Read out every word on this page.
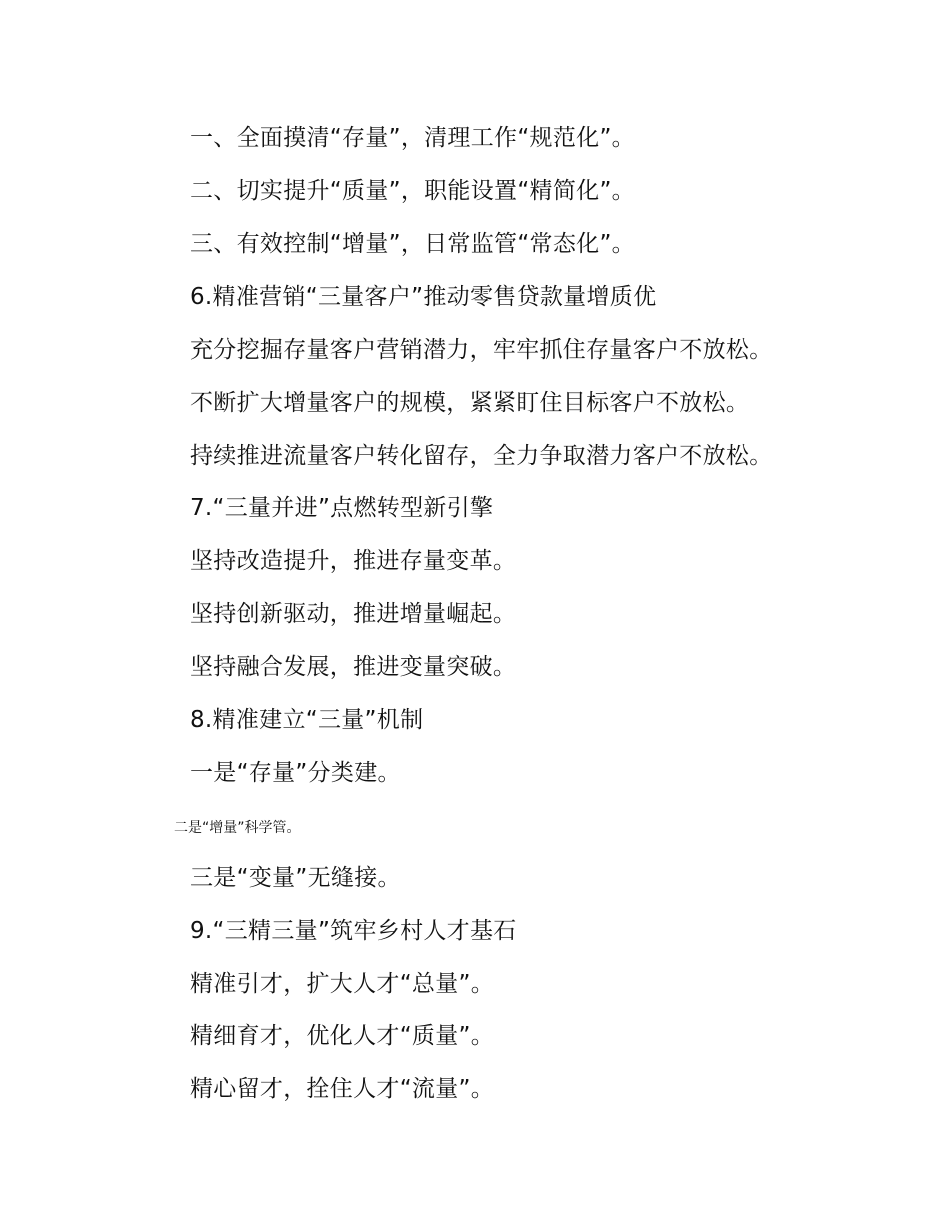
一、全面摸清“存量”，清理工作“规范化”。
二、切实提升“质量”，职能设置“精简化”。
三、有效控制“增量”，日常监管“常态化”。
6.精准营销“三量客户”推动零售贷款量增质优
充分挖掘存量客户营销潜力，牢牢抓住存量客户不放松。
不断扩大增量客户的规模，紧紧盯住目标客户不放松。
持续推进流量客户转化留存，全力争取潜力客户不放松。
7.“三量并进”点燃转型新引擎
坚持改造提升，推进存量变革。
坚持创新驱动，推进增量崛起。
坚持融合发展，推进变量突破。
8.精准建立“三量”机制
一是“存量”分类建。
二是“增量”科学管。
三是“变量”无缝接。
9.“三精三量”筑牢乡村人才基石
精准引才，扩大人才“总量”。
精细育才，优化人才“质量”。
精心留才，拴住人才“流量”。
